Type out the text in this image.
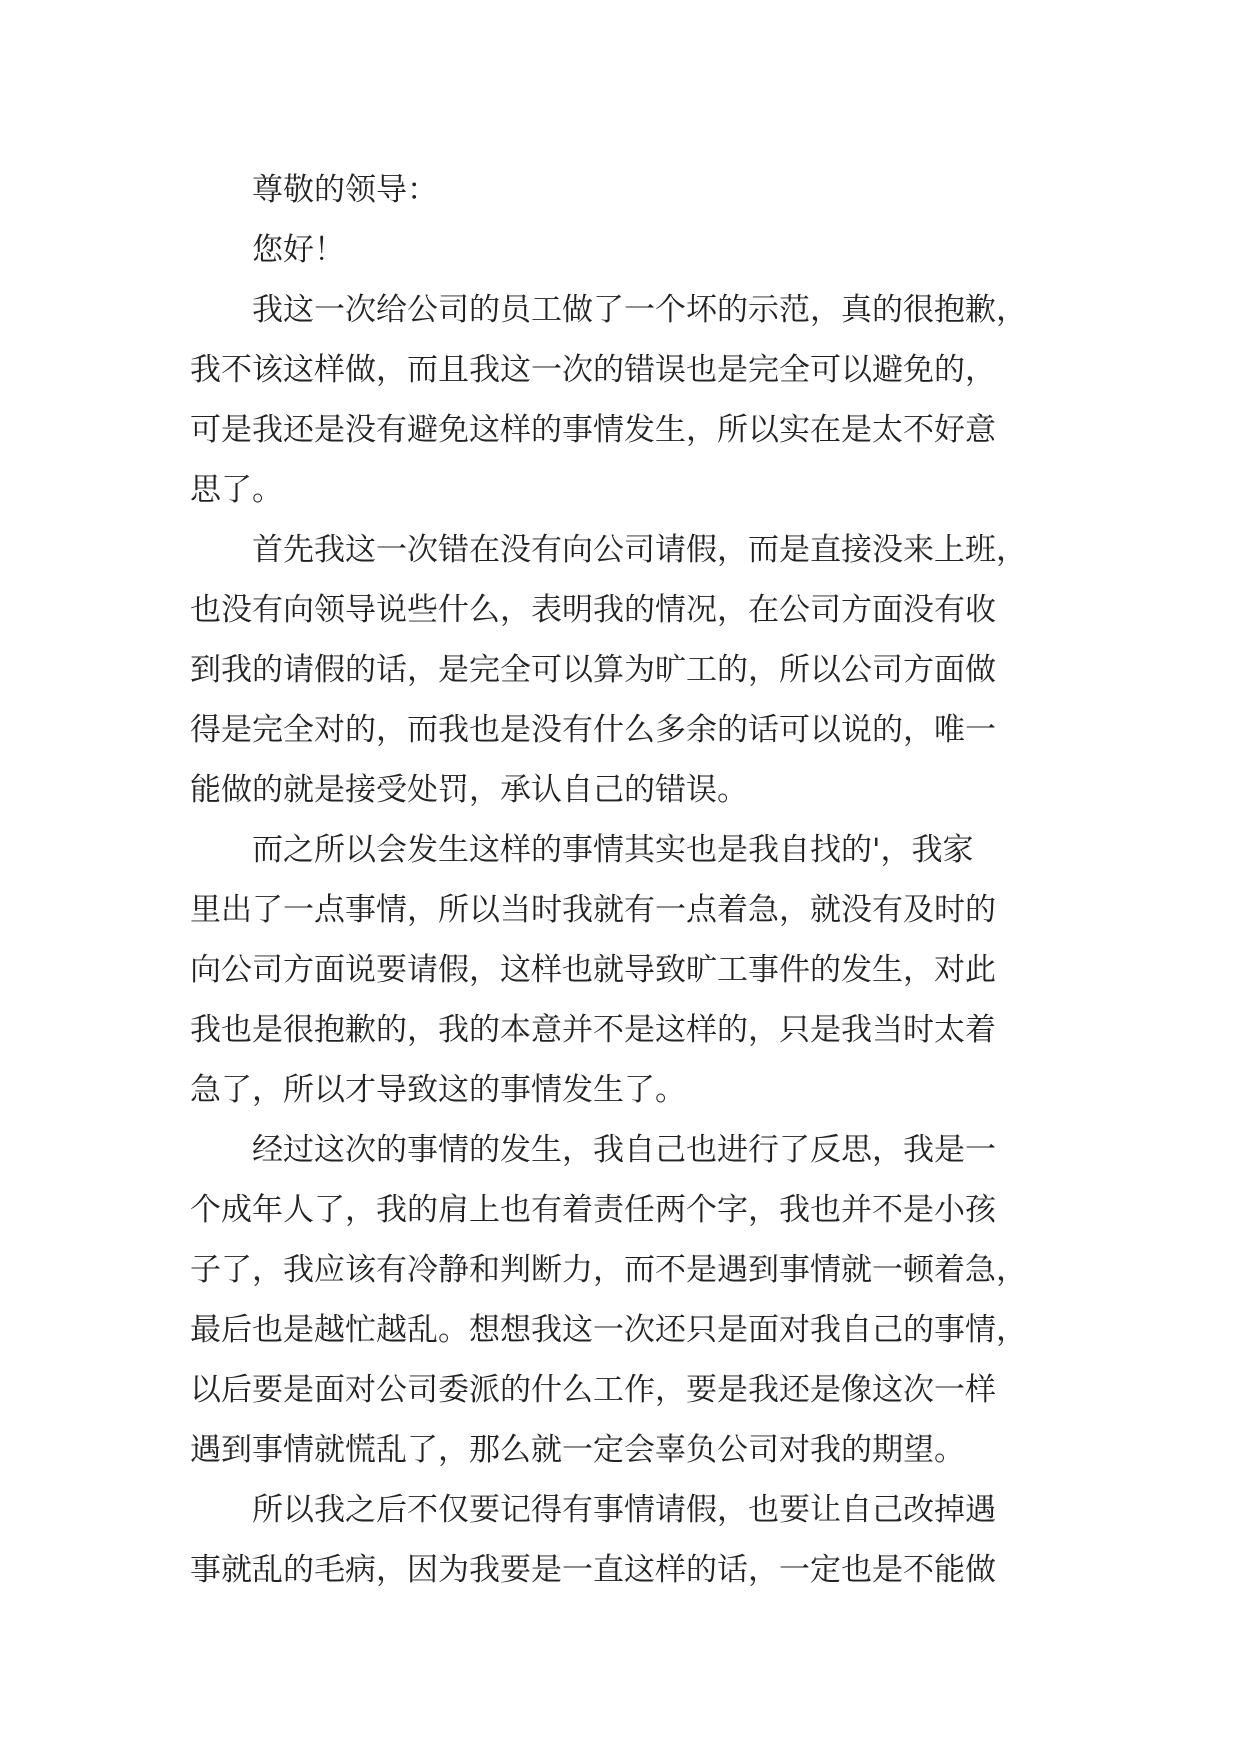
尊敬的领导：
您好！
我这一次给公司的员工做了一个坏的示范，真的很抱歉，
我不该这样做，而且我这一次的错误也是完全可以避免的，
可是我还是没有避免这样的事情发生，所以实在是太不好意
思了。
首先我这一次错在没有向公司请假，而是直接没来上班，
也没有向领导说些什么，表明我的情况，在公司方面没有收
到我的请假的话，是完全可以算为旷工的，所以公司方面做
得是完全对的，而我也是没有什么多余的话可以说的，唯一
能做的就是接受处罚，承认自己的错误。
而之所以会发生这样的事情其实也是我自找的'，我家
里出了一点事情，所以当时我就有一点着急，就没有及时的
向公司方面说要请假，这样也就导致旷工事件的发生，对此
我也是很抱歉的，我的本意并不是这样的，只是我当时太着
急了，所以才导致这的事情发生了。
经过这次的事情的发生，我自己也进行了反思，我是一
个成年人了，我的肩上也有着责任两个字，我也并不是小孩
子了，我应该有冷静和判断力，而不是遇到事情就一顿着急，
最后也是越忙越乱。想想我这一次还只是面对我自己的事情，
以后要是面对公司委派的什么工作，要是我还是像这次一样
遇到事情就慌乱了，那么就一定会辜负公司对我的期望。
所以我之后不仅要记得有事情请假，也要让自己改掉遇
事就乱的毛病，因为我要是一直这样的话，一定也是不能做
